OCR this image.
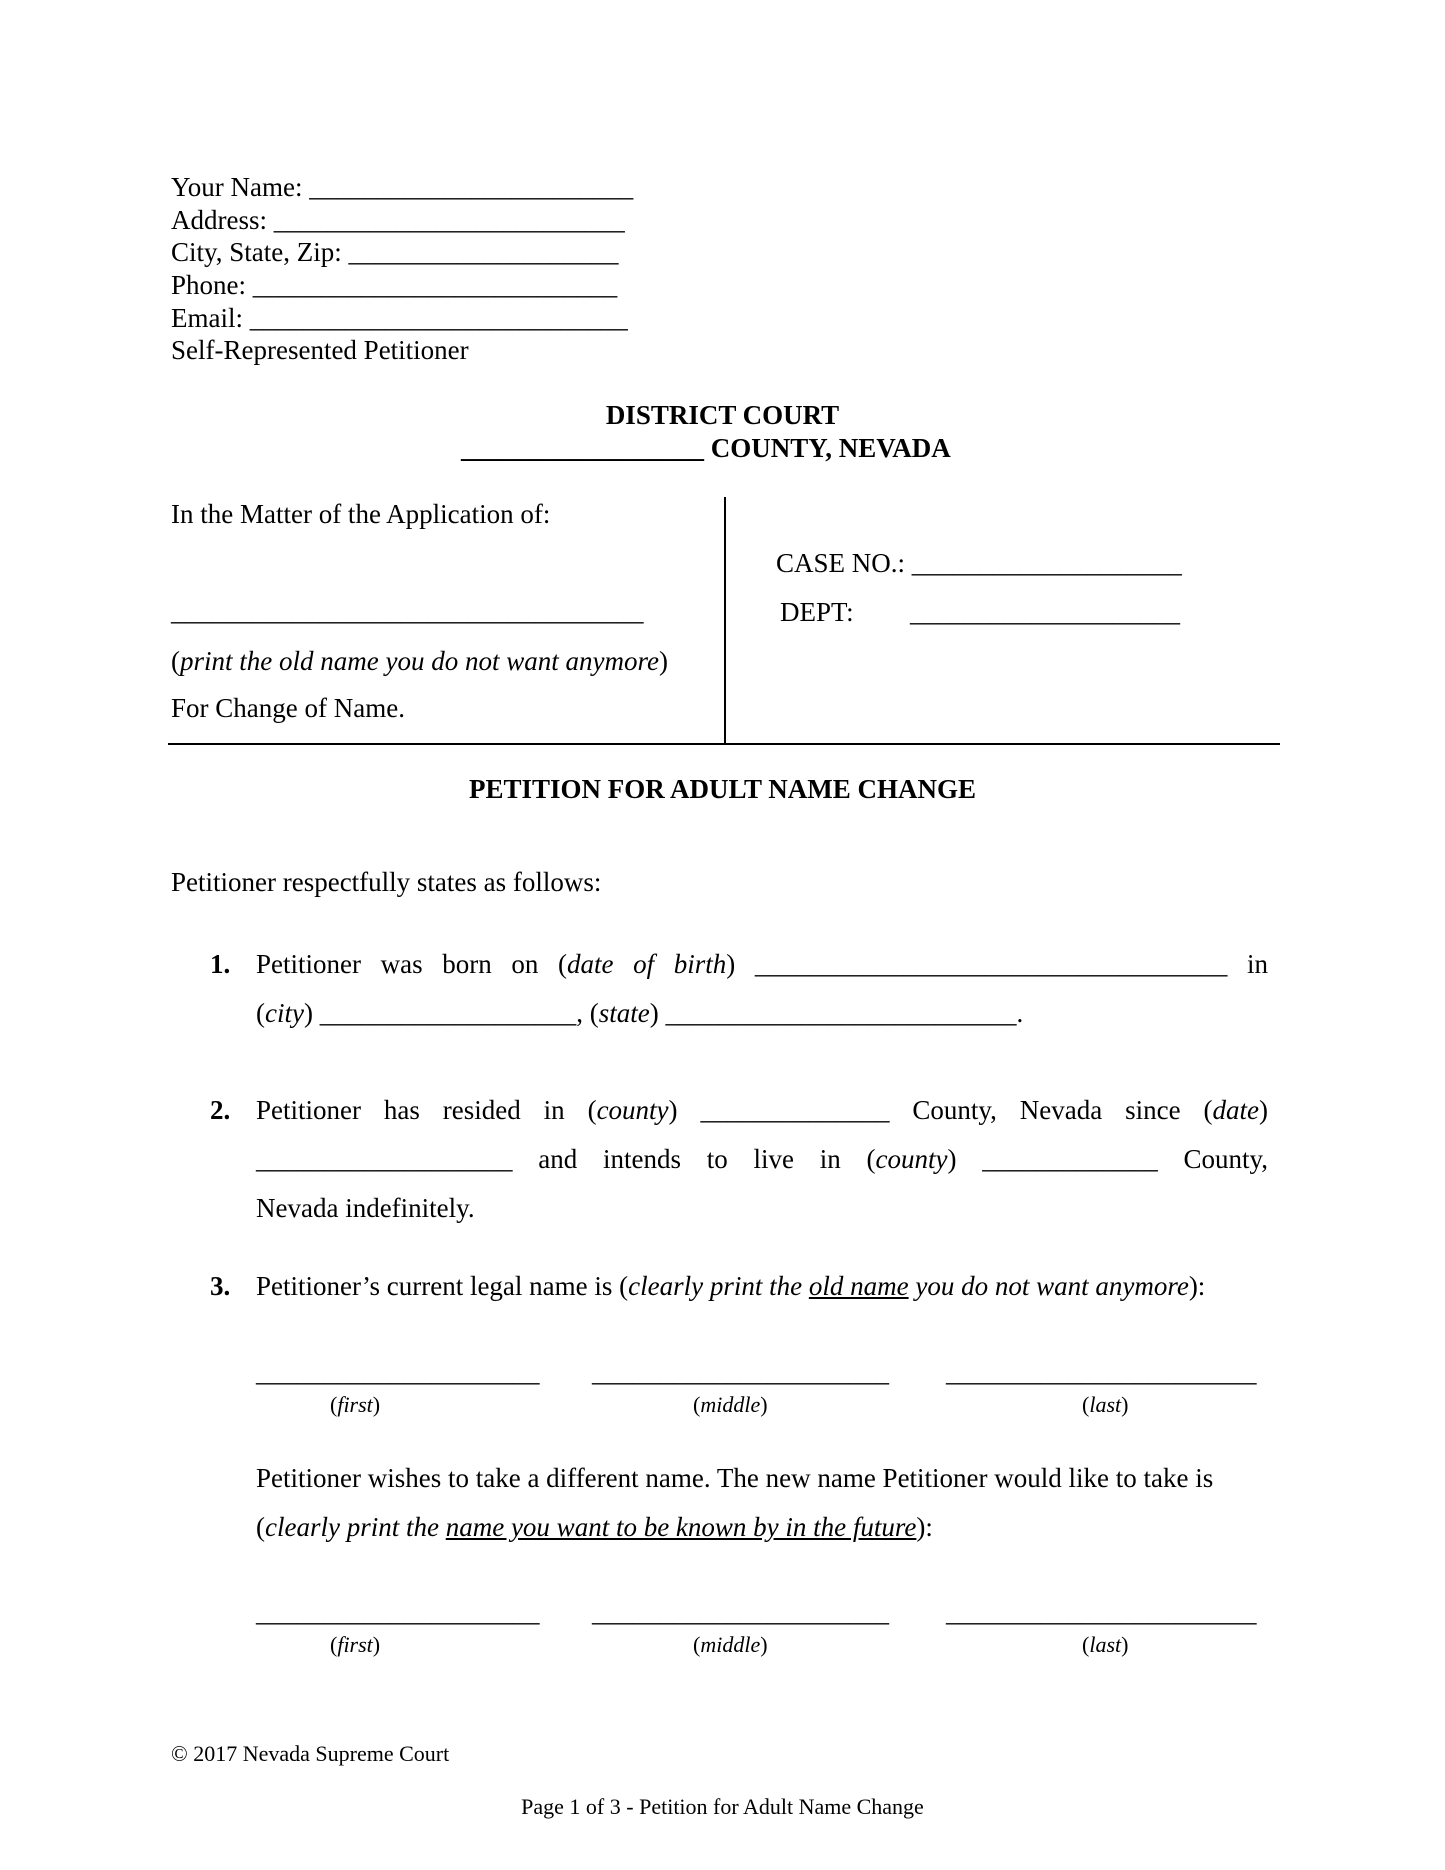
Your Name: ________________________
Address: __________________________
City, State, Zip: ____________________
Phone: ___________________________
Email: ____________________________
Self-Represented Petitioner
DISTRICT COURT
__________________ COUNTY, NEVADA
In the Matter of the Application of:
___________________________________
(print the old name you do not want anymore)
For Change of Name.
CASE NO.: ____________________
DEPT: ____________________
PETITION FOR ADULT NAME CHANGE
Petitioner respectfully states as follows:
1. Petitioner was born on (date of birth) ___________________________________ in
(city) ___________________, (state) __________________________.
2. Petitioner has resided in (county) ______________ County, Nevada since (date)
___________________ and intends to live in (county) _____________ County,
Nevada indefinitely.
3. Petitioner’s current legal name is (clearly print the old name you do not want anymore):
_____________________ ______________________ _______________________
(first)	(middle)	(last)
Petitioner wishes to take a different name. The new name Petitioner would like to take is
(clearly print the name you want to be known by in the future):
_____________________ ______________________ _______________________
(first)	(middle)	(last)
© 2017 Nevada Supreme Court
Page 1 of 3 - Petition for Adult Name Change
